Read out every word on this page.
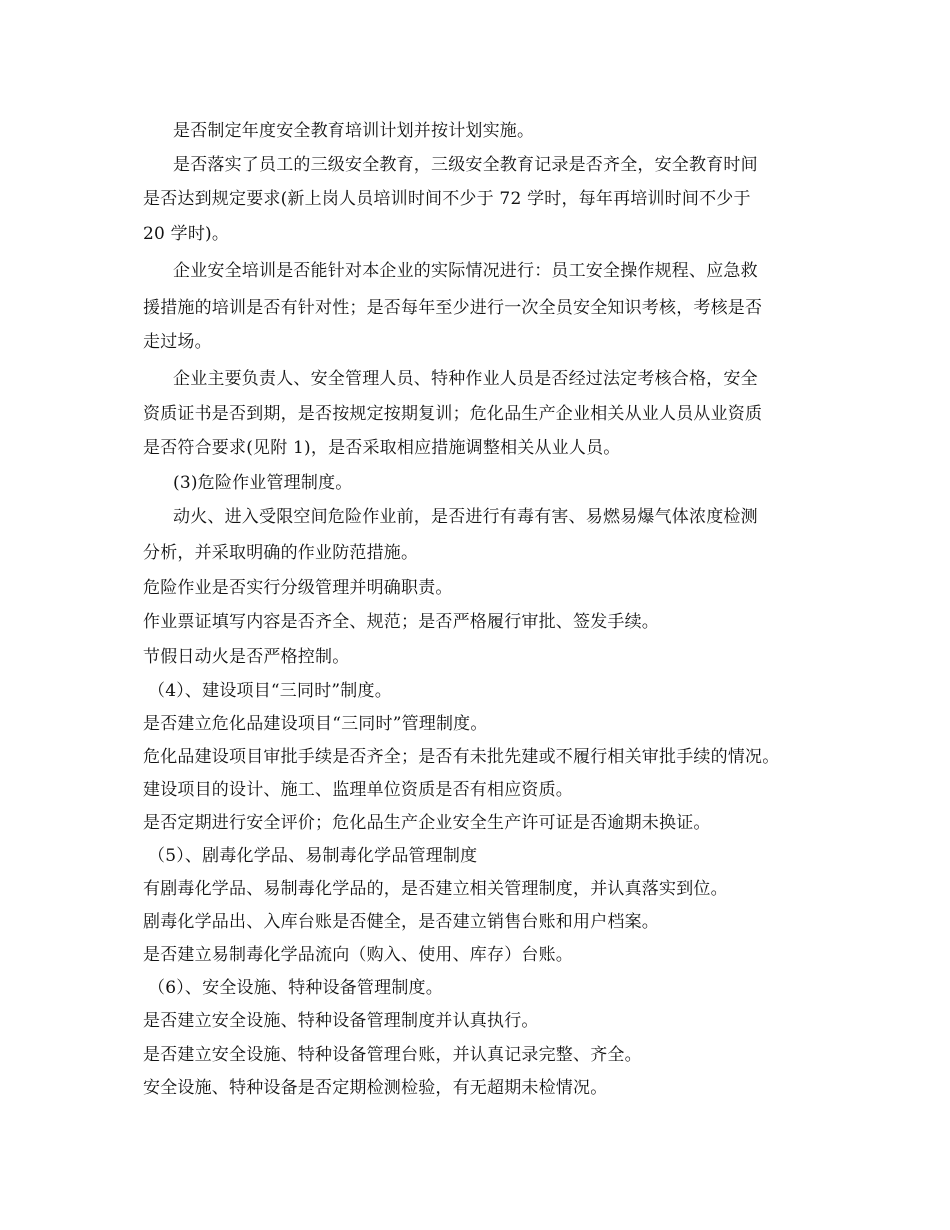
是否制定年度安全教育培训计划并按计划实施。
是否落实了员工的三级安全教育，三级安全教育记录是否齐全，安全教育时间
是否达到规定要求(新上岗人员培训时间不少于 72 学时，每年再培训时间不少于
20 学时)。
企业安全培训是否能针对本企业的实际情况进行：员工安全操作规程、应急救
援措施的培训是否有针对性；是否每年至少进行一次全员安全知识考核，考核是否
走过场。
企业主要负责人、安全管理人员、特种作业人员是否经过法定考核合格，安全
资质证书是否到期，是否按规定按期复训；危化品生产企业相关从业人员从业资质
是否符合要求(见附 1)，是否采取相应措施调整相关从业人员。
(3)危险作业管理制度。
动火、进入受限空间危险作业前，是否进行有毒有害、易燃易爆气体浓度检测
分析，并采取明确的作业防范措施。
危险作业是否实行分级管理并明确职责。
作业票证填写内容是否齐全、规范；是否严格履行审批、签发手续。
节假日动火是否严格控制。
（4）、建设项目“三同时”制度。
是否建立危化品建设项目“三同时”管理制度。
危化品建设项目审批手续是否齐全；是否有未批先建或不履行相关审批手续的情况。
建设项目的设计、施工、监理单位资质是否有相应资质。
是否定期进行安全评价；危化品生产企业安全生产许可证是否逾期未换证。
（5）、剧毒化学品、易制毒化学品管理制度
有剧毒化学品、易制毒化学品的，是否建立相关管理制度，并认真落实到位。
剧毒化学品出、入库台账是否健全，是否建立销售台账和用户档案。
是否建立易制毒化学品流向（购入、使用、库存）台账。
（6）、安全设施、特种设备管理制度。
是否建立安全设施、特种设备管理制度并认真执行。
是否建立安全设施、特种设备管理台账，并认真记录完整、齐全。
安全设施、特种设备是否定期检测检验，有无超期未检情况。
